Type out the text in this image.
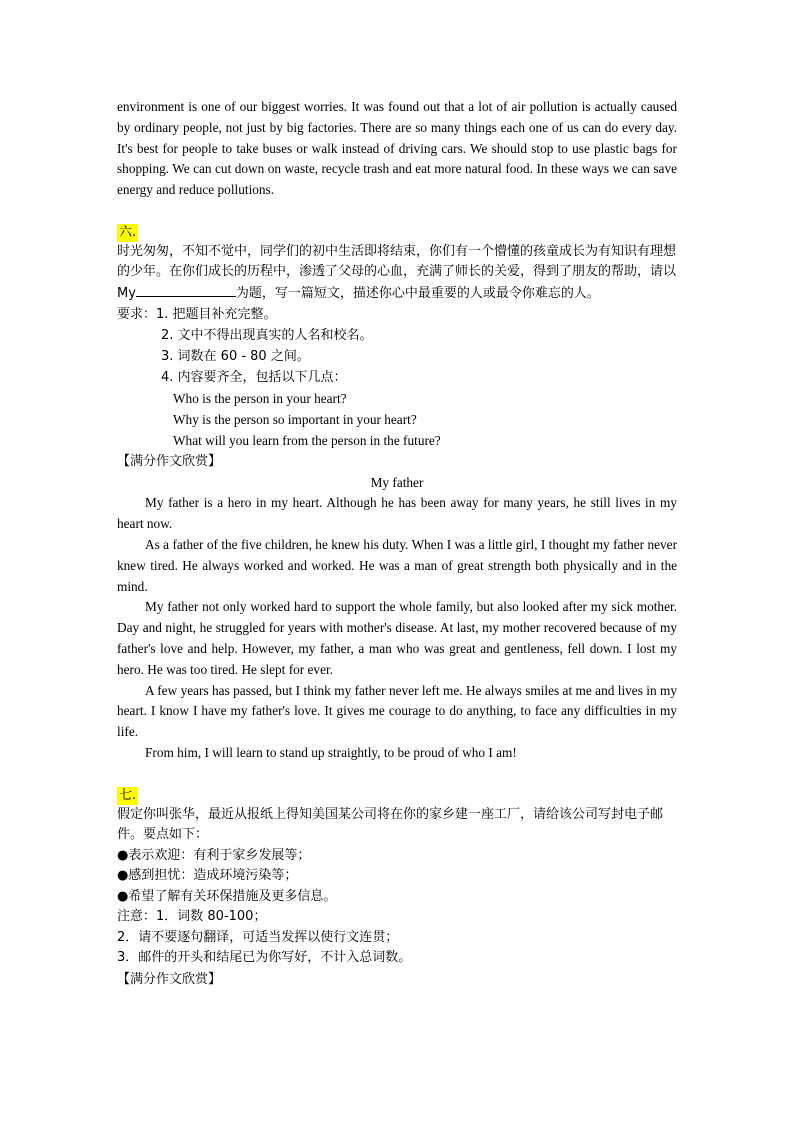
environment is one of our biggest worries. It was found out that a lot of air pollution is actually caused by ordinary people, not just by big factories. There are so many things each one of us can do every day. It's best for people to take buses or walk instead of driving cars. We should stop to use plastic bags for shopping. We can cut down on waste, recycle trash and eat more natural food. In these ways we can save energy and reduce pollutions.

六.

时光匆匆，不知不觉中，同学们的初中生活即将结束，你们有一个懵懂的孩童成长为有知识有理想的少年。在你们成长的历程中，渗透了父母的心血，充满了师长的关爱，得到了朋友的帮助，请以 My	为题，写一篇短文，描述你心中最重要的人或最令你难忘的人。

要求：1. 把题目补充完整。
2. 文中不得出现真实的人名和校名。
3. 词数在 60 - 80 之间。
4. 内容要齐全，包括以下几点：
Who is the person in your heart?
Why is the person so important in your heart?
What will you learn from the person in the future?
【满分作文欣赏】
My father

My father is a hero in my heart. Although he has been away for many years, he still lives in my heart now.

As a father of the five children, he knew his duty. When I was a little girl, I thought my father never knew tired. He always worked and worked. He was a man of great strength both physically and in the mind.

My father not only worked hard to support the whole family, but also looked after my sick mother. Day and night, he struggled for years with mother's disease. At last, my mother recovered because of my father's love and help. However, my father, a man who was great and gentleness, fell down. I lost my hero. He was too tired. He slept for ever.

A few years has passed, but I think my father never left me. He always smiles at me and lives in my heart. I know I have my father's love. It gives me courage to do anything, to face any difficulties in my life.

From him, I will learn to stand up straightly, to be proud of who I am!

七.

假定你叫张华，最近从报纸上得知美国某公司将在你的家乡建一座工厂，请给该公司写封电子邮件。要点如下：

●表示欢迎：有利于家乡发展等；
●感到担忧：造成环境污染等；
●希望了解有关环保措施及更多信息。
注意：1．词数 80-100；
2．请不要逐句翻译，可适当发挥以使行文连贯；
3．邮件的开头和结尾已为你写好，不计入总词数。
【满分作文欣赏】
